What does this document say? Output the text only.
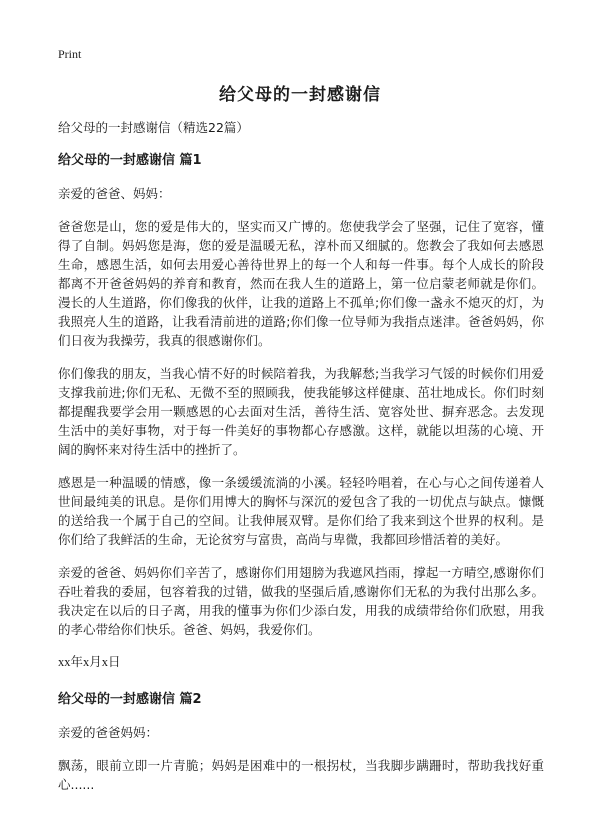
Print
给父母的一封感谢信

给父母的一封感谢信（精选22篇）

给父母的一封感谢信 篇1

亲爱的爸爸、妈妈：

爸爸您是山，您的爱是伟大的，坚实而又广博的。您使我学会了坚强，记住了宽容，懂得了自制。妈妈您是海，您的爱是温暖无私，淳朴而又细腻的。您教会了我如何去感恩生命，感恩生活，如何去用爱心善待世界上的每一个人和每一件事。每个人成长的阶段都离不开爸爸妈妈的养育和教育，然而在我人生的道路上，第一位启蒙老师就是你们。漫长的人生道路，你们像我的伙伴，让我的道路上不孤单;你们像一盏永不熄灭的灯，为我照亮人生的道路，让我看清前进的道路;你们像一位导师为我指点迷津。爸爸妈妈，你们日夜为我操劳，我真的很感谢你们。

你们像我的朋友，当我心情不好的时候陪着我，为我解愁;当我学习气馁的时候你们用爱支撑我前进;你们无私、无微不至的照顾我，使我能够这样健康、茁壮地成长。你们时刻都提醒我要学会用一颗感恩的心去面对生活，善待生活、宽容处世、摒弃恶念。去发现生活中的美好事物，对于每一件美好的事物都心存感激。这样，就能以坦荡的心境、开阔的胸怀来对待生活中的挫折了。

感恩是一种温暖的情感，像一条缓缓流淌的小溪。轻轻吟唱着，在心与心之间传递着人世间最纯美的讯息。是你们用博大的胸怀与深沉的爱包含了我的一切优点与缺点。慷慨的送给我一个属于自己的空间。让我伸展双臂。是你们给了我来到这个世界的权利。是你们给了我鲜活的生命，无论贫穷与富贵，高尚与卑微，我都回珍惜活着的美好。

亲爱的爸爸、妈妈你们辛苦了，感谢你们用翅膀为我遮风挡雨，撑起一方晴空,感谢你们吞吐着我的委屈，包容着我的过错，做我的坚强后盾,感谢你们无私的为我付出那么多。我决定在以后的日子离，用我的懂事为你们少添白发，用我的成绩带给你们欣慰，用我的孝心带给你们快乐。爸爸、妈妈，我爱你们。

xx年x月x日

给父母的一封感谢信 篇2

亲爱的爸爸妈妈：

飘荡，眼前立即一片青脆；妈妈是困难中的一根拐杖，当我脚步蹒跚时，帮助我找好重心......
